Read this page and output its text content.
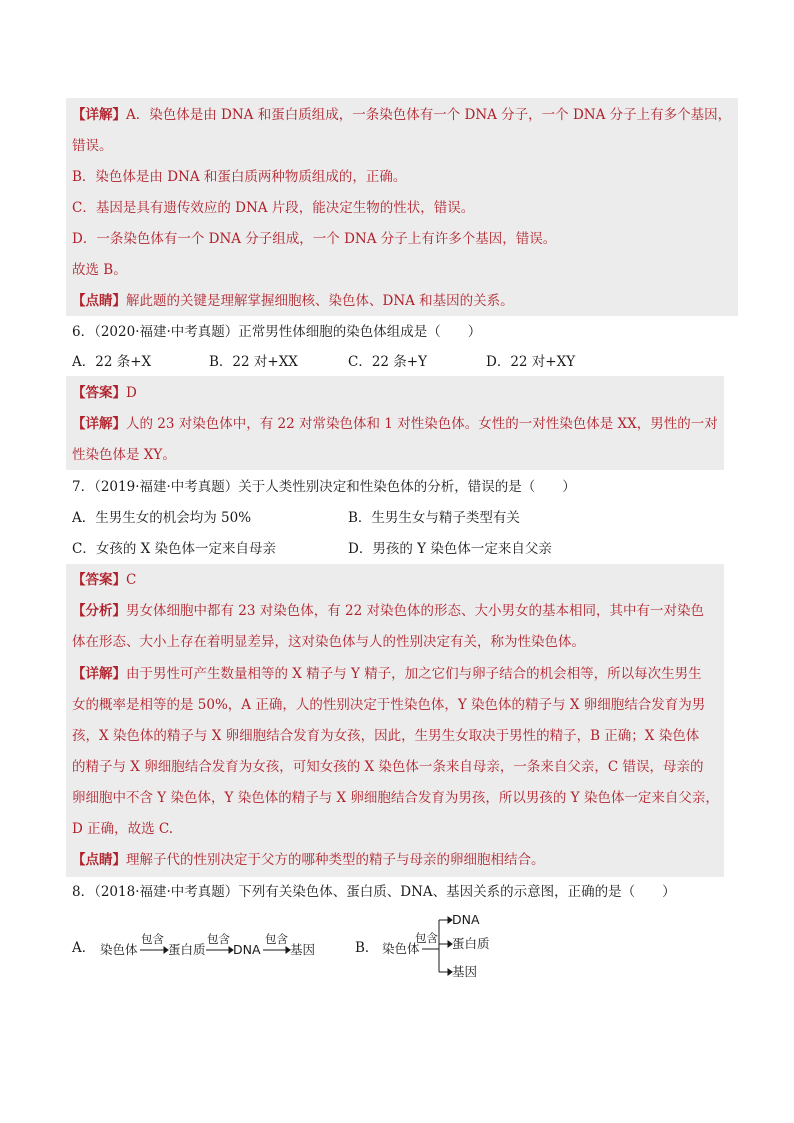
【详解】A．染色体是由 DNA 和蛋白质组成，一条染色体有一个 DNA 分子，一个 DNA 分子上有多个基因，
错误。
B．染色体是由 DNA 和蛋白质两种物质组成的，正确。
C．基因是具有遗传效应的 DNA 片段，能决定生物的性状，错误。
D．一条染色体有一个 DNA 分子组成，一个 DNA 分子上有许多个基因，错误。
故选 B。
【点睛】解此题的关键是理解掌握细胞核、染色体、DNA 和基因的关系。
6．（2020·福建·中考真题）正常男性体细胞的染色体组成是（　　）
A．22 条+X	B．22 对+XX	C．22 条+Y	D．22 对+XY
【答案】D
【详解】人的 23 对染色体中，有 22 对常染色体和 1 对性染色体。女性的一对性染色体是 XX，男性的一对
性染色体是 XY。
7．（2019·福建·中考真题）关于人类性别决定和性染色体的分析，错误的是（　　）
A．生男生女的机会均为 50%	B．生男生女与精子类型有关
C．女孩的 X 染色体一定来自母亲	D．男孩的 Y 染色体一定来自父亲
【答案】C
【分析】男女体细胞中都有 23 对染色体，有 22 对染色体的形态、大小男女的基本相同，其中有一对染色
体在形态、大小上存在着明显差异，这对染色体与人的性别决定有关，称为性染色体。
【详解】由于男性可产生数量相等的 X 精子与 Y 精子，加之它们与卵子结合的机会相等，所以每次生男生
女的概率是相等的是 50%，A 正确，人的性别决定于性染色体，Y 染色体的精子与 X 卵细胞结合发育为男
孩，X 染色体的精子与 X 卵细胞结合发育为女孩，因此，生男生女取决于男性的精子，B 正确；X 染色体
的精子与 X 卵细胞结合发育为女孩，可知女孩的 X 染色体一条来自母亲，一条来自父亲，C 错误，母亲的
卵细胞中不含 Y 染色体，Y 染色体的精子与 X 卵细胞结合发育为男孩，所以男孩的 Y 染色体一定来自父亲，
D 正确，故选 C.
【点睛】理解子代的性别决定于父方的哪种类型的精子与母亲的卵细胞相结合。
8．（2018·福建·中考真题）下列有关染色体、蛋白质、DNA、基因关系的示意图，正确的是（　　）
A． 染色体
包含
蛋白质
包含
DNA
包含
基因	B． 染色体
包含
DNA
蛋白质
基因
